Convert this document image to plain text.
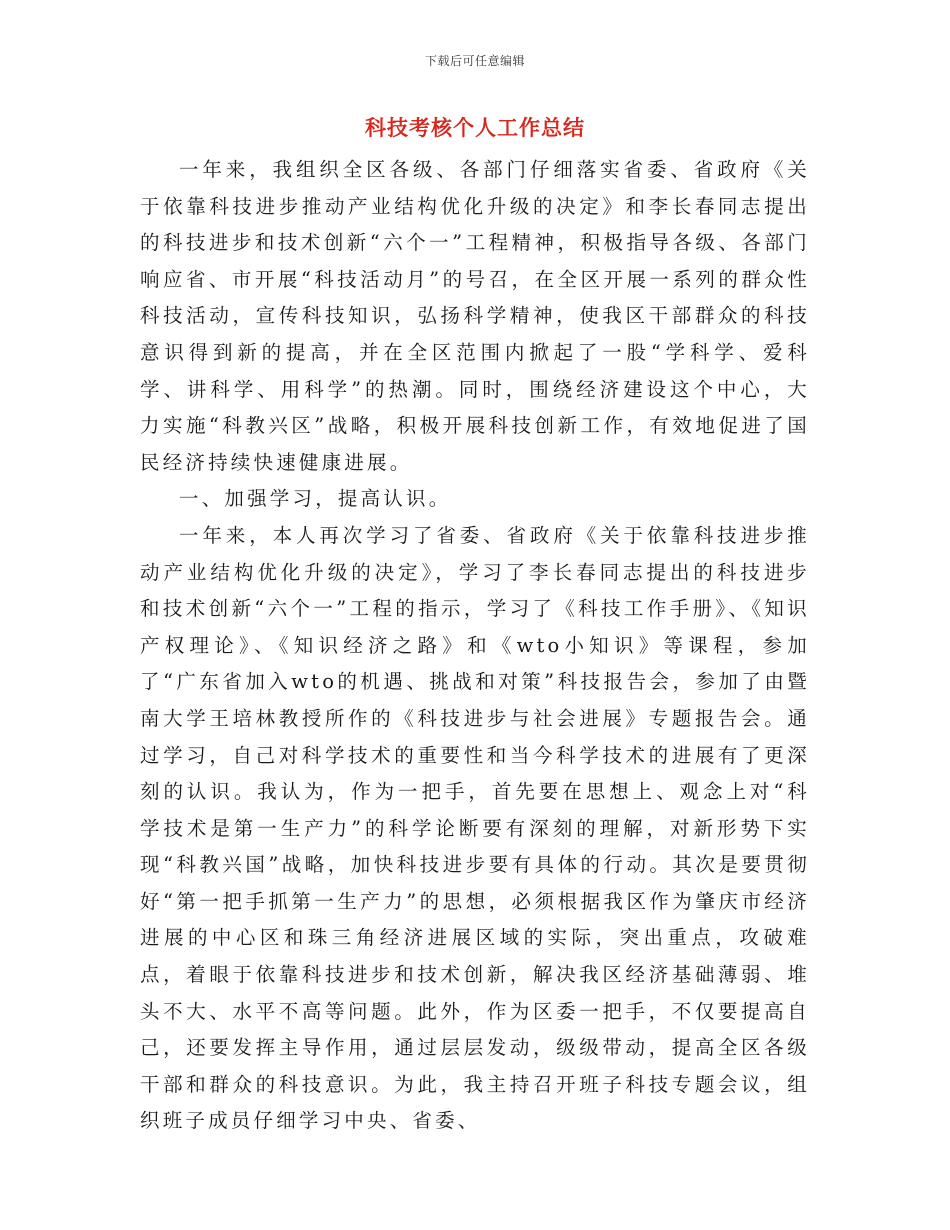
下载后可任意编辑
科技考核个人工作总结

一年来，我组织全区各级、各部门仔细落实省委、省政府《关于依靠科技进步推动产业结构优化升级的决定》和李长春同志提出的科技进步和技术创新“六个一”工程精神，积极指导各级、各部门响应省、市开展“科技活动月”的号召，在全区开展一系列的群众性科技活动，宣传科技知识，弘扬科学精神，使我区干部群众的科技意识得到新的提高，并在全区范围内掀起了一股“学科学、爱科学、讲科学、用科学”的热潮。同时，围绕经济建设这个中心，大力实施“科教兴区”战略，积极开展科技创新工作，有效地促进了国民经济持续快速健康进展。

一、加强学习，提高认识。

一年来，本人再次学习了省委、省政府《关于依靠科技进步推动产业结构优化升级的决定》，学习了李长春同志提出的科技进步和技术创新“六个一”工程的指示，学习了《科技工作手册》、《知识产权理论》、《知识经济之路》和《wto小知识》等课程，参加了“广东省加入wto的机遇、挑战和对策”科技报告会，参加了由暨南大学王培林教授所作的《科技进步与社会进展》专题报告会。通过学习，自己对科学技术的重要性和当今科学技术的进展有了更深刻的认识。我认为，作为一把手，首先要在思想上、观念上对“科学技术是第一生产力”的科学论断要有深刻的理解，对新形势下实现“科教兴国”战略，加快科技进步要有具体的行动。其次是要贯彻好“第一把手抓第一生产力”的思想，必须根据我区作为肇庆市经济进展的中心区和珠三角经济进展区域的实际，突出重点，攻破难点，着眼于依靠科技进步和技术创新，解决我区经济基础薄弱、堆头不大、水平不高等问题。此外，作为区委一把手，不仅要提高自己，还要发挥主导作用，通过层层发动，级级带动，提高全区各级干部和群众的科技意识。为此，我主持召开班子科技专题会议，组织班子成员仔细学习中央、省委、
